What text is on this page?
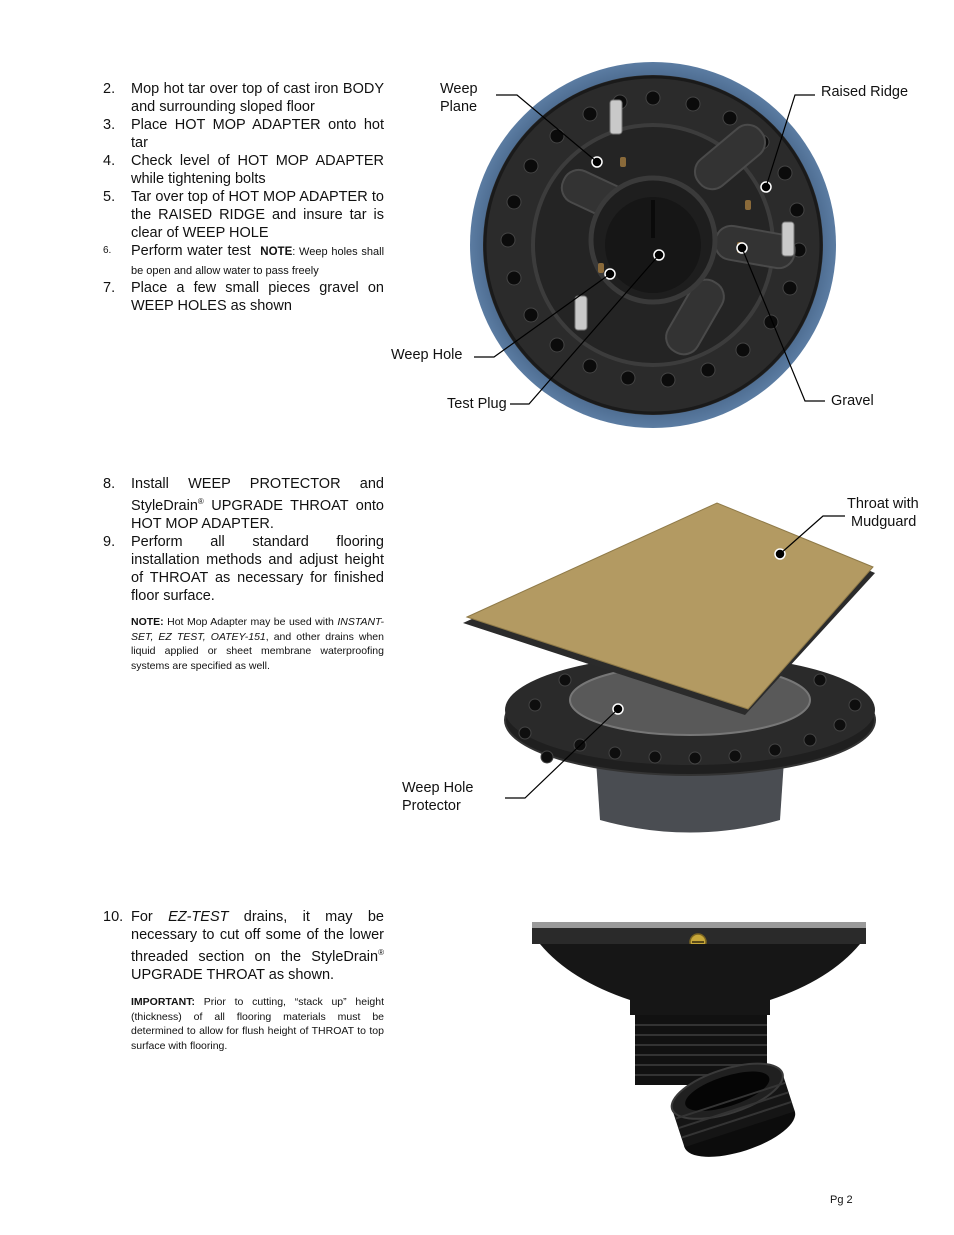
2. Mop hot tar over top of cast iron BODY and surrounding sloped floor
3. Place HOT MOP ADAPTER onto hot tar
4. Check level of HOT MOP ADAPTER while tightening bolts
5. Tar over top of HOT MOP ADAPTER to the RAISED RIDGE and insure tar is clear of WEEP HOLE
6. Perform water test NOTE: Weep holes shall be open and allow water to pass freely
7. Place a few small pieces gravel on WEEP HOLES as shown
Weep
Plane
Raised Ridge
Weep Hole
Test Plug	Gravel
8. Install WEEP PROTECTOR and StyleDrain® UPGRADE THROAT onto HOT MOP ADAPTER.
9. Perform all standard flooring installation methods and adjust height of THROAT as necessary for finished floor surface.
NOTE: Hot Mop Adapter may be used with INSTANT-SET, EZ TEST, OATEY-151, and other drains when liquid applied or sheet membrane waterproofing systems are specified as well.
Throat with
Mudguard
Weep Hole
Protector
10. For EZ-TEST drains, it may be necessary to cut off some of the lower threaded section on the StyleDrain® UPGRADE THROAT as shown.
IMPORTANT: Prior to cutting, “stack up” height (thickness) of all flooring materials must be determined to allow for flush height of THROAT to top surface with flooring.
Pg 2
